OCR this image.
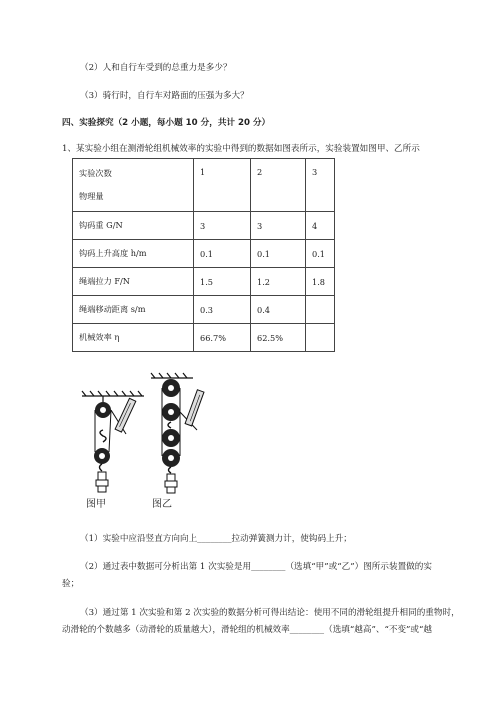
（2）人和自行车受到的总重力是多少？
（3）骑行时，自行车对路面的压强为多大？
四、实验探究（2 小题，每小题 10 分，共计 20 分）
1、某实验小组在测滑轮组机械效率的实验中得到的数据如图表所示，实验装置如图甲、乙所示
实验次数
物理量	1	2	3
钩码重 G/N	3	3	4
钩码上升高度 h/m	0.1	0.1	0.1
绳端拉力 F/N	1.5	1.2	1.8
绳端移动距离 s/m	0.3	0.4	
机械效率 η	66.7%	62.5%	
图甲	图乙
（1）实验中应沿竖直方向向上________拉动弹簧测力计，使钩码上升；
（2）通过表中数据可分析出第 1 次实验是用________（选填“甲”或“乙”）图所示装置做的实
验；
（3）通过第 1 次实验和第 2 次实验的数据分析可得出结论：使用不同的滑轮组提升相同的重物时，
动滑轮的个数越多（动滑轮的质量越大），滑轮组的机械效率________（选填“越高”、“不变”或“越
